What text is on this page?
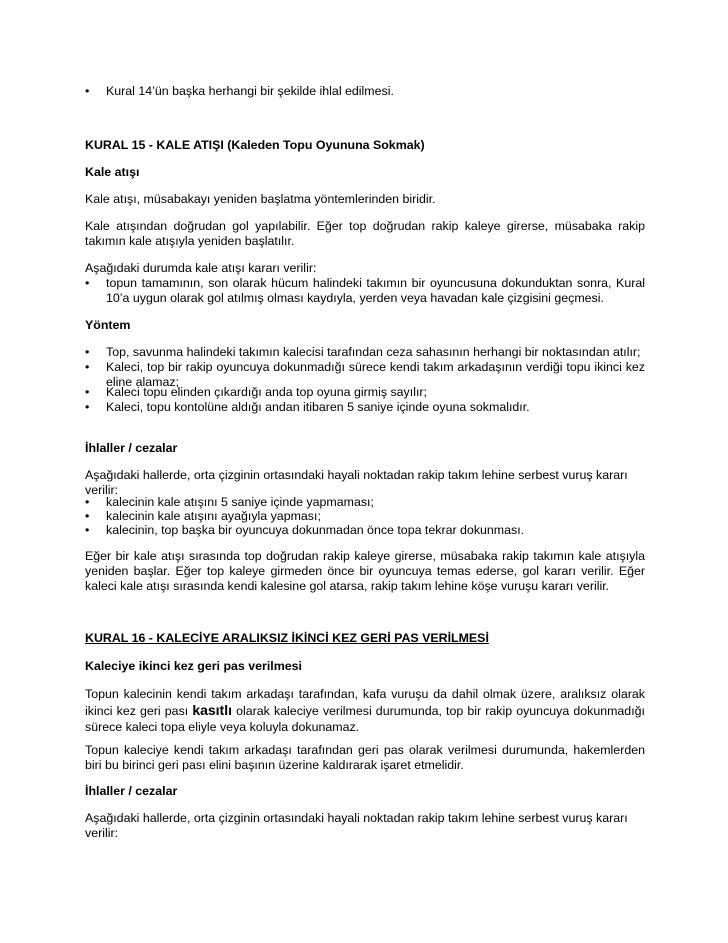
•	Kural 14’ün başka herhangi bir şekilde ihlal edilmesi.
KURAL 15 - KALE ATIŞI (Kaleden Topu Oyununa Sokmak)
Kale atışı
Kale atışı, müsabakayı yeniden başlatma yöntemlerinden biridir.
Kale atışından doğrudan gol yapılabilir. Eğer top doğrudan rakip kaleye girerse, müsabaka rakip takımın kale atışıyla yeniden başlatılır.
Aşağıdaki durumda kale atışı kararı verilir:
•	topun tamamının, son olarak hücum halindeki takımın bir oyuncusuna dokunduktan sonra, Kural 10’a uygun olarak gol atılmış olması kaydıyla, yerden veya havadan kale çizgisini geçmesi.
Yöntem
•	Top, savunma halindeki takımın kalecisi tarafından ceza sahasının herhangi bir noktasından atılır;
•	Kaleci, top bir rakip oyuncuya dokunmadığı sürece kendi takım arkadaşının verdiği topu ikinci kez eline alamaz;
•	Kaleci topu elinden çıkardığı anda top oyuna girmiş sayılır;
•	Kaleci, topu kontolüne aldığı andan itibaren 5 saniye içinde oyuna sokmalıdır.
İhlaller / cezalar
Aşağıdaki hallerde, orta çizginin ortasındaki hayali noktadan rakip takım lehine serbest vuruş kararı verilir:
•	kalecinin kale atışını 5 saniye içinde yapmaması;
•	kalecinin kale atışını ayağıyla yapması;
•	kalecinin, top başka bir oyuncuya dokunmadan önce topa tekrar dokunması.
Eğer bir kale atışı sırasında top doğrudan rakip kaleye girerse, müsabaka rakip takımın kale atışıyla yeniden başlar. Eğer top kaleye girmeden önce bir oyuncuya temas ederse, gol kararı verilir. Eğer kaleci kale atışı sırasında kendi kalesine gol atarsa, rakip takım lehine köşe vuruşu kararı verilir.
KURAL 16 - KALECİYE ARALIKSIZ İKİNCİ KEZ GERİ PAS VERİLMESİ
Kaleciye ikinci kez geri pas verilmesi
Topun kalecinin kendi takım arkadaşı tarafından, kafa vuruşu da dahil olmak üzere, aralıksız olarak ikinci kez geri pası kasıtlı olarak kaleciye verilmesi durumunda, top bir rakip oyuncuya dokunmadığı sürece kaleci topa eliyle veya koluyla dokunamaz.
Topun kaleciye kendi takım arkadaşı tarafından geri pas olarak verilmesi durumunda, hakemlerden biri bu birinci geri pası elini başının üzerine kaldırarak işaret etmelidir.
İhlaller / cezalar
Aşağıdaki hallerde, orta çizginin ortasındaki hayali noktadan rakip takım lehine serbest vuruş kararı verilir:
